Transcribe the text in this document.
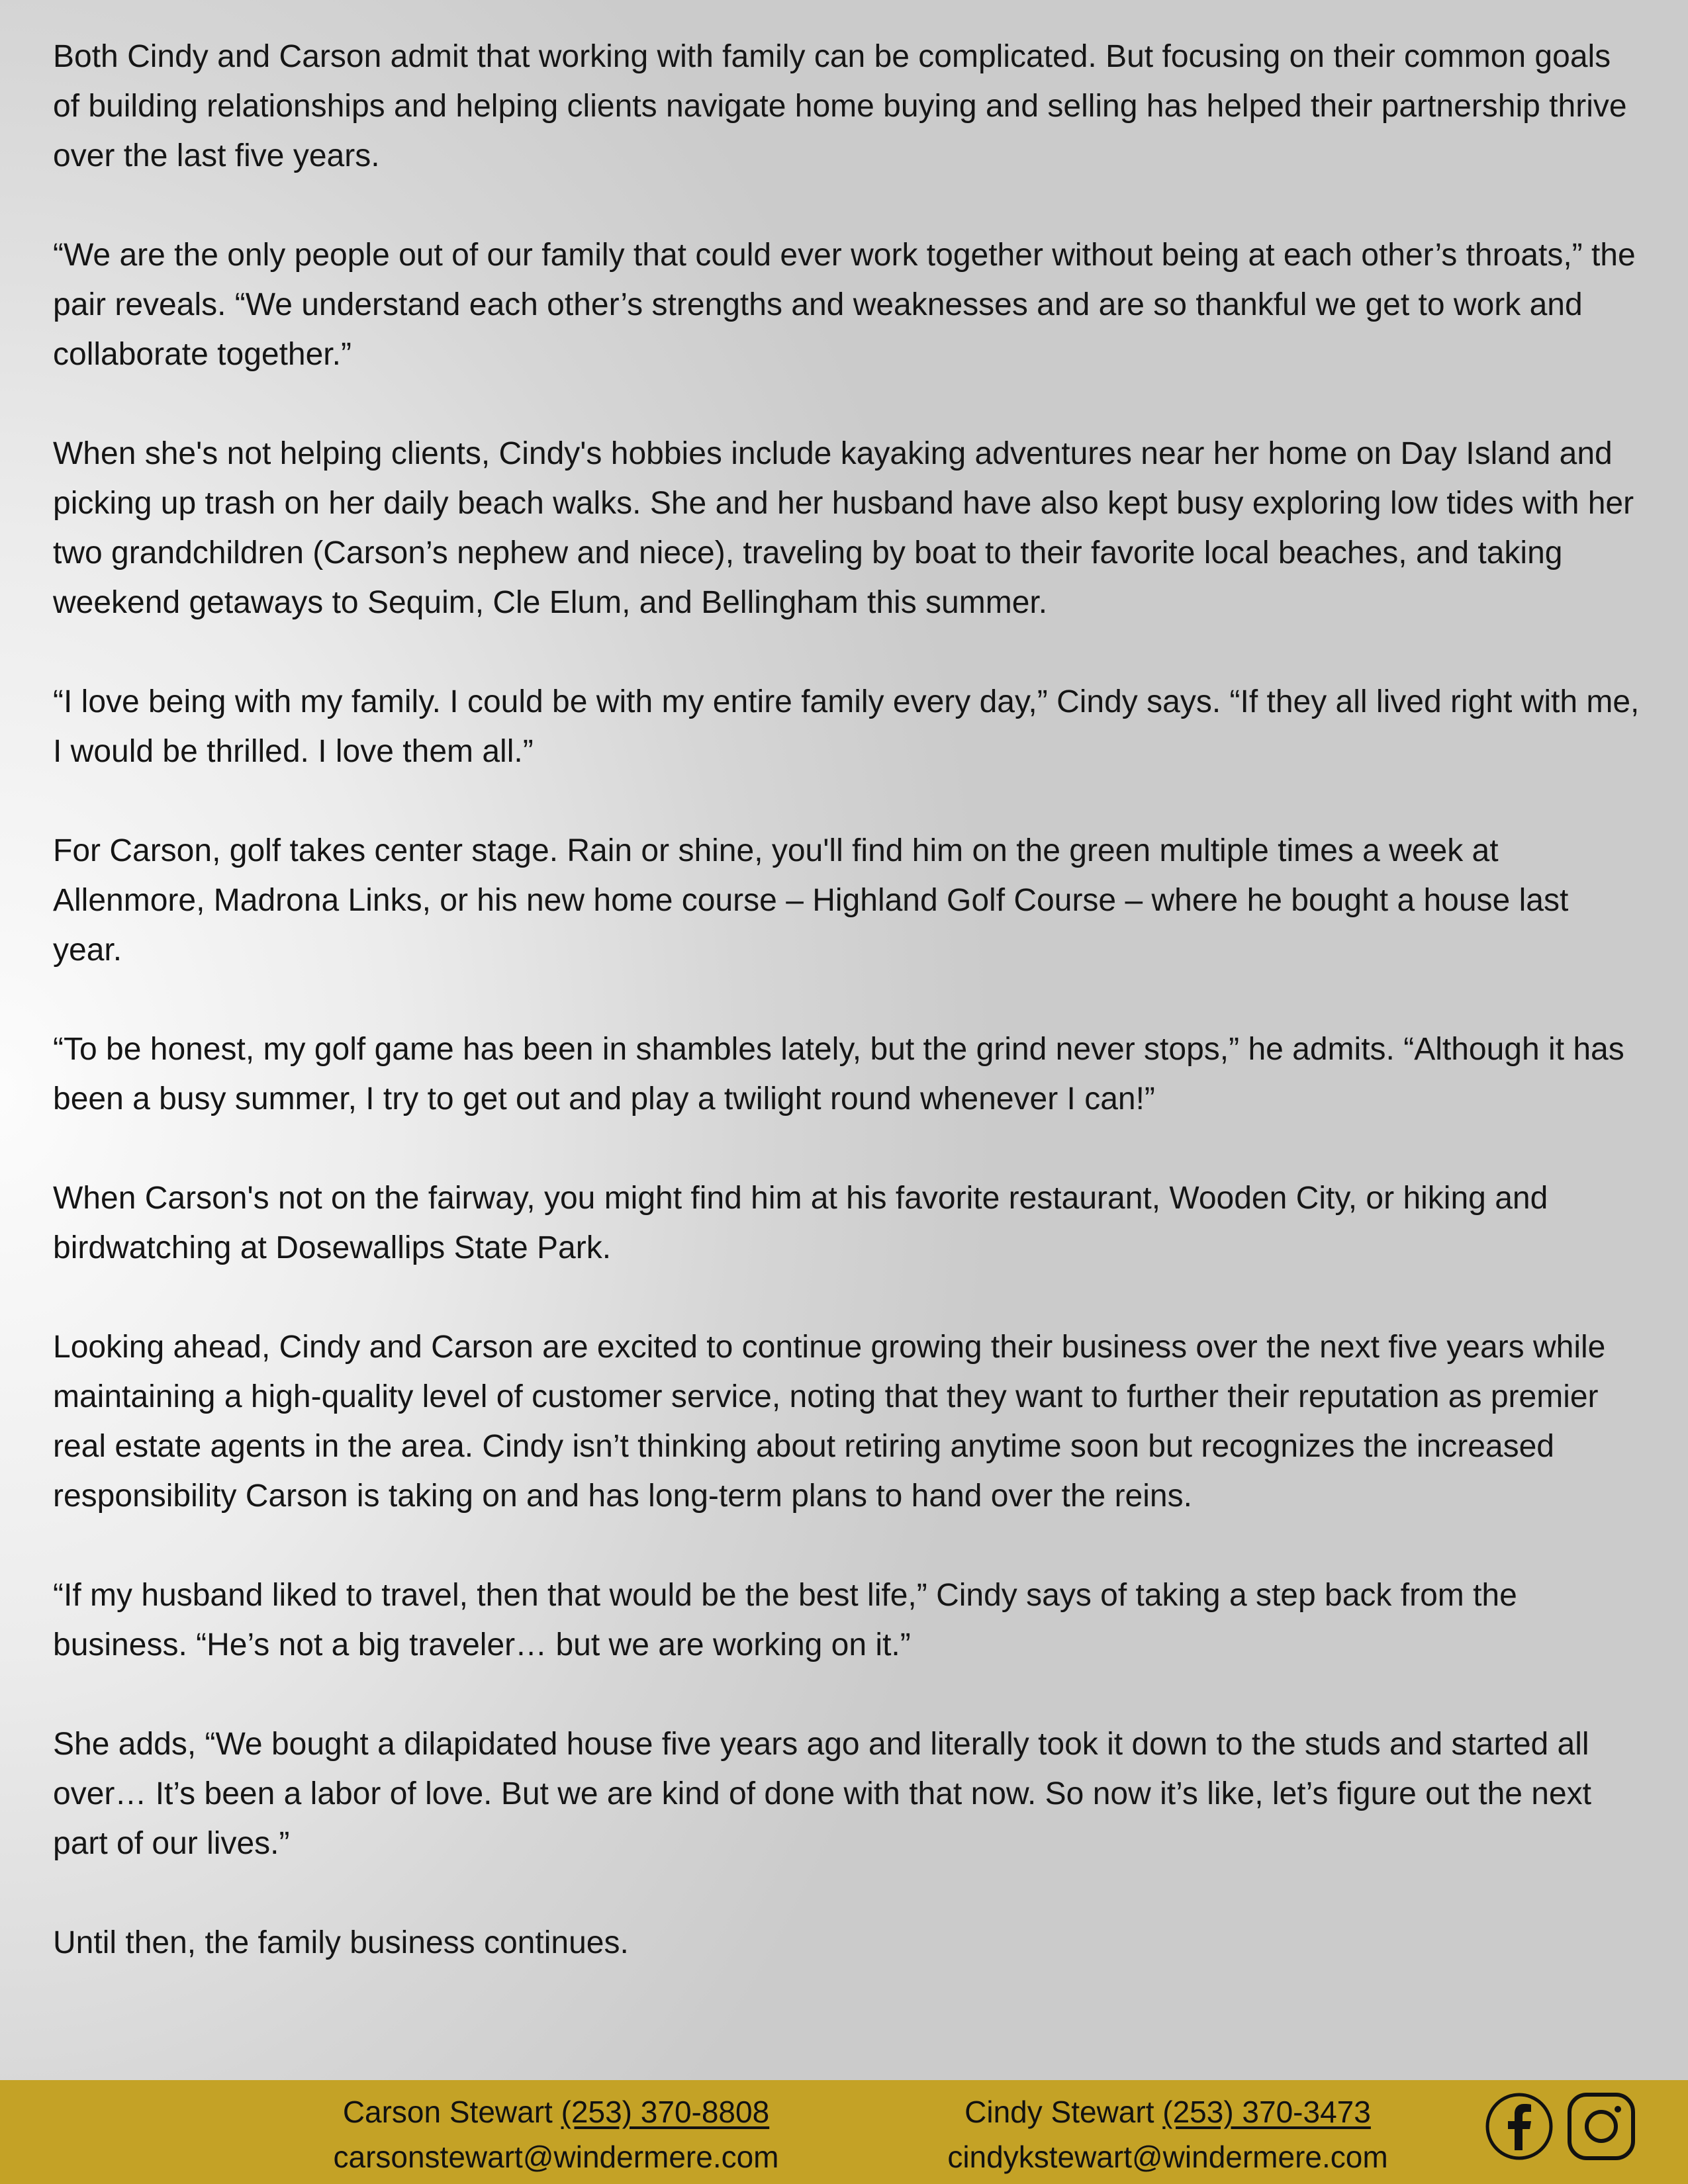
Both Cindy and Carson admit that working with family can be complicated. But focusing on their common goals of building relationships and helping clients navigate home buying and selling has helped their partnership thrive over the last five years.

“We are the only people out of our family that could ever work together without being at each other’s throats,” the pair reveals. “We understand each other’s strengths and weaknesses and are so thankful we get to work and collaborate together.”

When she's not helping clients, Cindy's hobbies include kayaking adventures near her home on Day Island and picking up trash on her daily beach walks. She and her husband have also kept busy exploring low tides with her two grandchildren (Carson’s nephew and niece), traveling by boat to their favorite local beaches, and taking weekend getaways to Sequim, Cle Elum, and Bellingham this summer.

“I love being with my family. I could be with my entire family every day,” Cindy says. “If they all lived right with me, I would be thrilled. I love them all.”

For Carson, golf takes center stage. Rain or shine, you'll find him on the green multiple times a week at Allenmore, Madrona Links, or his new home course – Highland Golf Course – where he bought a house last year.

“To be honest, my golf game has been in shambles lately, but the grind never stops,” he admits. “Although it has been a busy summer, I try to get out and play a twilight round whenever I can!”

When Carson's not on the fairway, you might find him at his favorite restaurant, Wooden City, or hiking and birdwatching at Dosewallips State Park.

Looking ahead, Cindy and Carson are excited to continue growing their business over the next five years while maintaining a high-quality level of customer service, noting that they want to further their reputation as premier real estate agents in the area. Cindy isn’t thinking about retiring anytime soon but recognizes the increased responsibility Carson is taking on and has long-term plans to hand over the reins.

“If my husband liked to travel, then that would be the best life,” Cindy says of taking a step back from the business. “He’s not a big traveler… but we are working on it.”

She adds, “We bought a dilapidated house five years ago and literally took it down to the studs and started all over… It’s been a labor of love. But we are kind of done with that now. So now it’s like, let’s figure out the next part of our lives.”

Until then, the family business continues.

Carson Stewart (253) 370-8808
carsonstewart@windermere.com
Cindy Stewart (253) 370-3473
cindykstewart@windermere.com
